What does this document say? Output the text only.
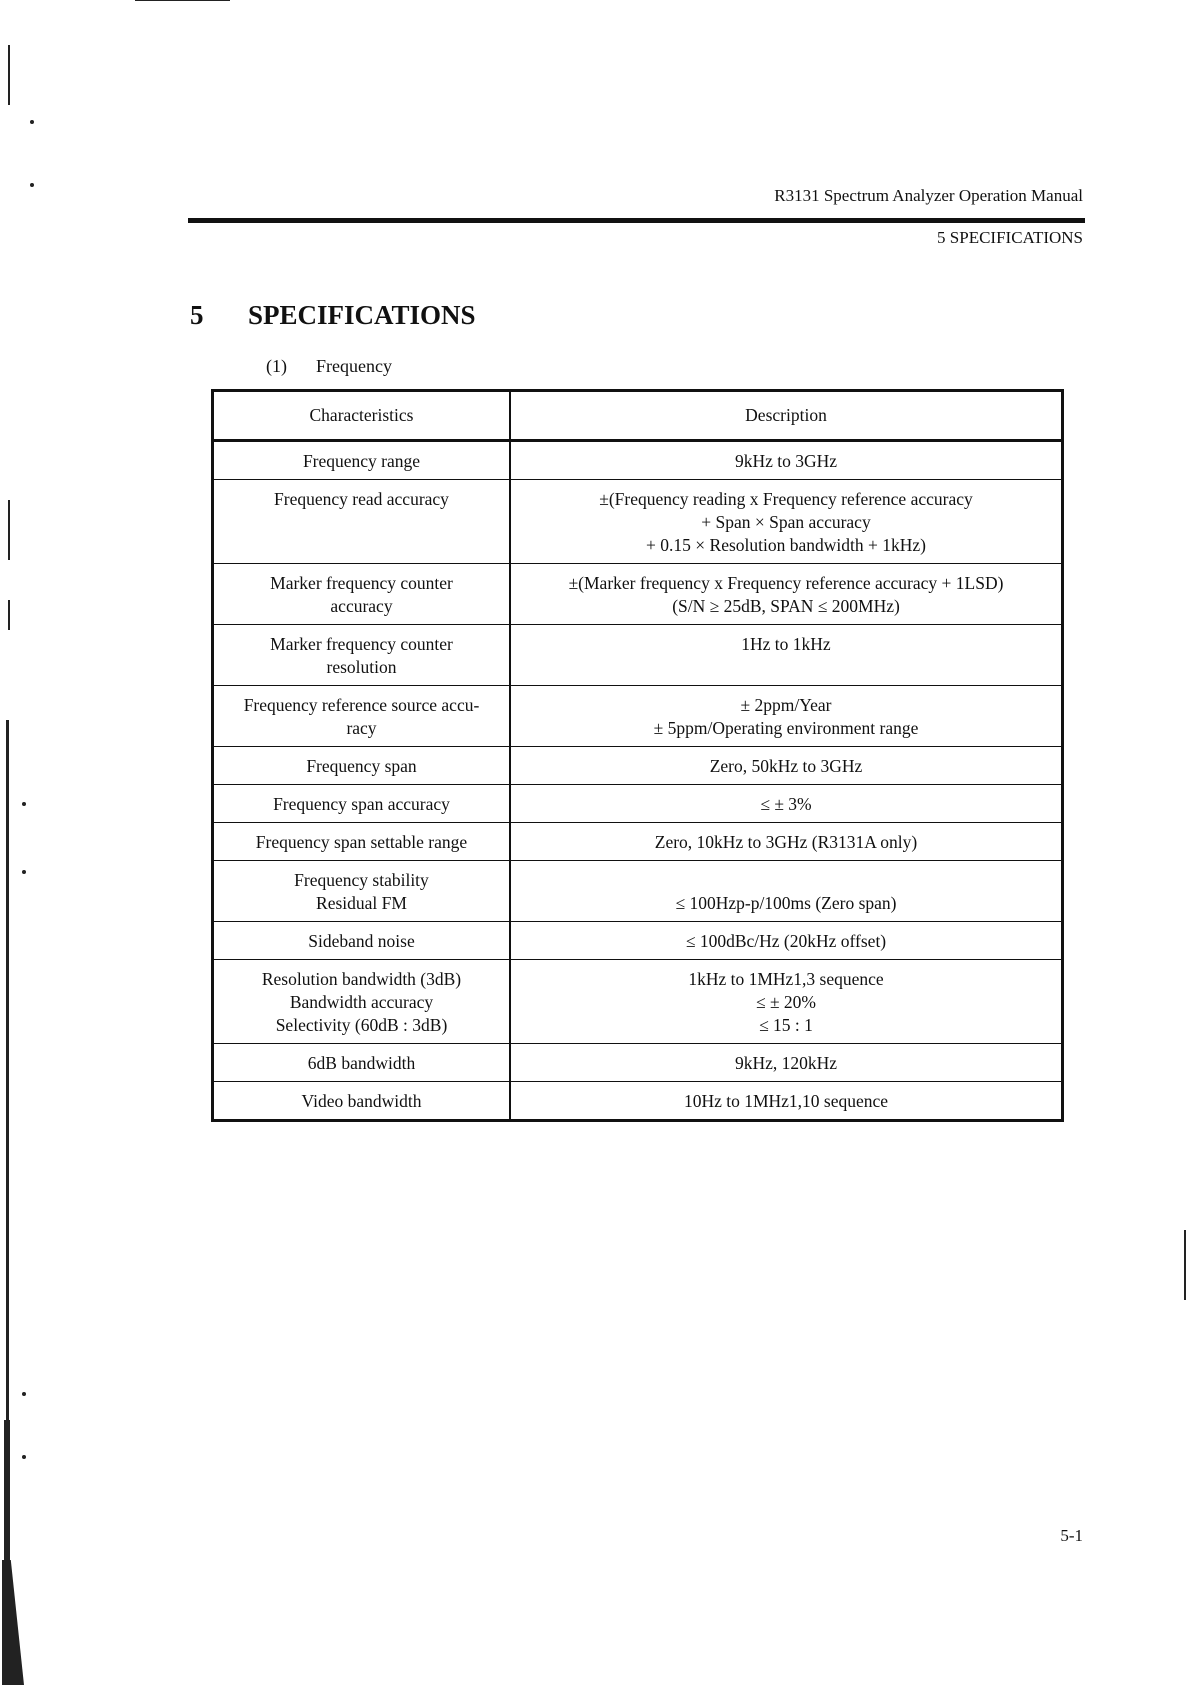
R3131 Spectrum Analyzer Operation Manual
5 SPECIFICATIONS
5	SPECIFICATIONS
(1)	Frequency
Characteristics	Description

Frequency range	9kHz to 3GHz

Frequency read accuracy	±(Frequency reading x Frequency reference accuracy
+ Span × Span accuracy
+ 0.15 × Resolution bandwidth + 1kHz)

Marker frequency counter
accuracy	±(Marker frequency x Frequency reference accuracy + 1LSD)
(S/N ≥ 25dB, SPAN ≤ 200MHz)

Marker frequency counter
resolution	1Hz to 1kHz

Frequency reference source accu-
racy	± 2ppm/Year
± 5ppm/Operating environment range

Frequency span	Zero, 50kHz to 3GHz

Frequency span accuracy	≤ ± 3%

Frequency span settable range	Zero, 10kHz to 3GHz (R3131A only)

Frequency stability
Residual FM	≤ 100Hzp-p/100ms (Zero span)

Sideband noise	≤ 100dBc/Hz (20kHz offset)

Resolution bandwidth (3dB)
Bandwidth accuracy
Selectivity (60dB : 3dB)	1kHz to 1MHz1,3 sequence
≤ ± 20%
≤ 15 : 1

6dB bandwidth	9kHz, 120kHz

Video bandwidth	10Hz to 1MHz1,10 sequence
5-1
